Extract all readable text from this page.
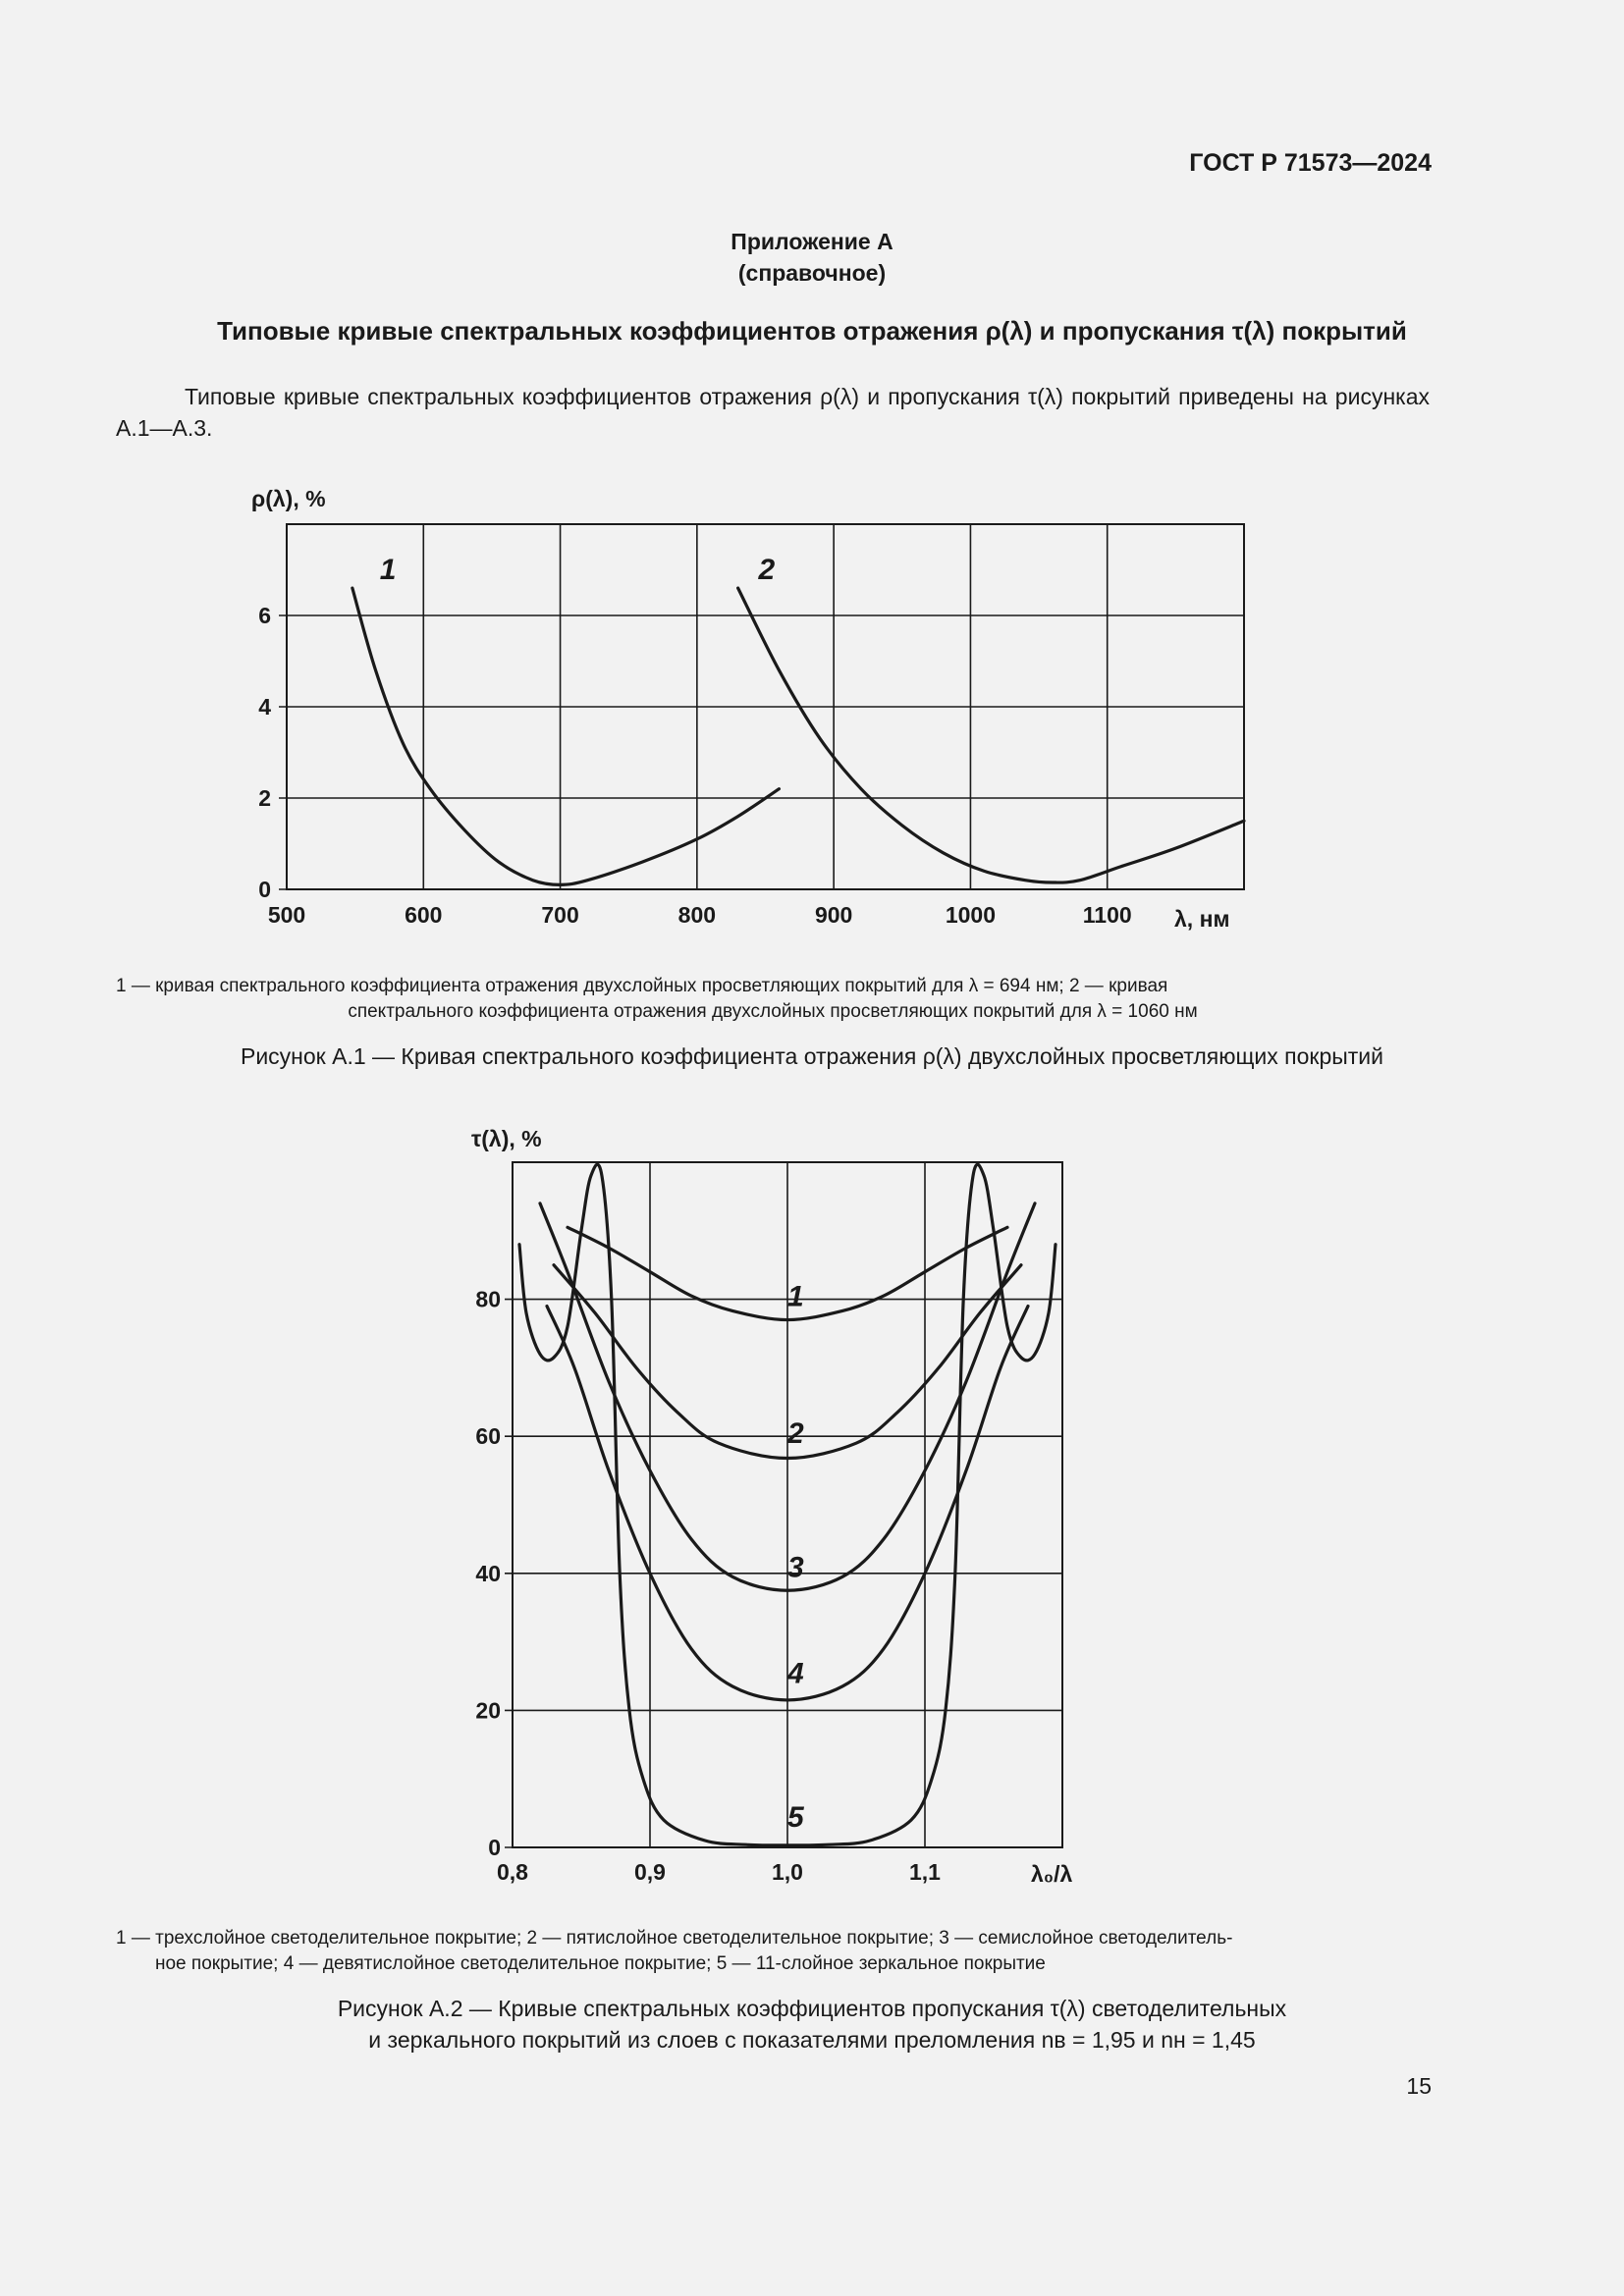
ГОСТ Р 71573—2024
Приложение А
(справочное)
Типовые кривые спектральных коэффициентов отражения ρ(λ) и пропускания τ(λ) покрытий
Типовые кривые спектральных коэффициентов отражения ρ(λ) и пропускания τ(λ) покрытий приведены на рисунках А.1—А.3.
500	600	700	800	900	1000	1100
0
2
4
6
ρ(λ), %
λ, нм
1	2
1 — кривая спектрального коэффициента отражения двухслойных просветляющих покрытий для λ = 694 нм; 2 — кривая
спектрального коэффициента отражения двухслойных просветляющих покрытий для λ = 1060 нм
Рисунок А.1 — Кривая спектрального коэффициента отражения ρ(λ) двухслойных просветляющих покрытий
0,8	0,9	1,0	1,1
0
20
40
60
80
τ(λ), %
λ₀/λ
1
2
3
4
5
1 — трехслойное светоделительное покрытие; 2 — пятислойное светоделительное покрытие; 3 — семислойное светоделитель-
ное покрытие; 4 — девятислойное светоделительное покрытие; 5 — 11-слойное зеркальное покрытие
Рисунок А.2 — Кривые спектральных коэффициентов пропускания τ(λ) светоделительных
и зеркального покрытий из слоев с показателями преломления nв = 1,95 и nн = 1,45
15
